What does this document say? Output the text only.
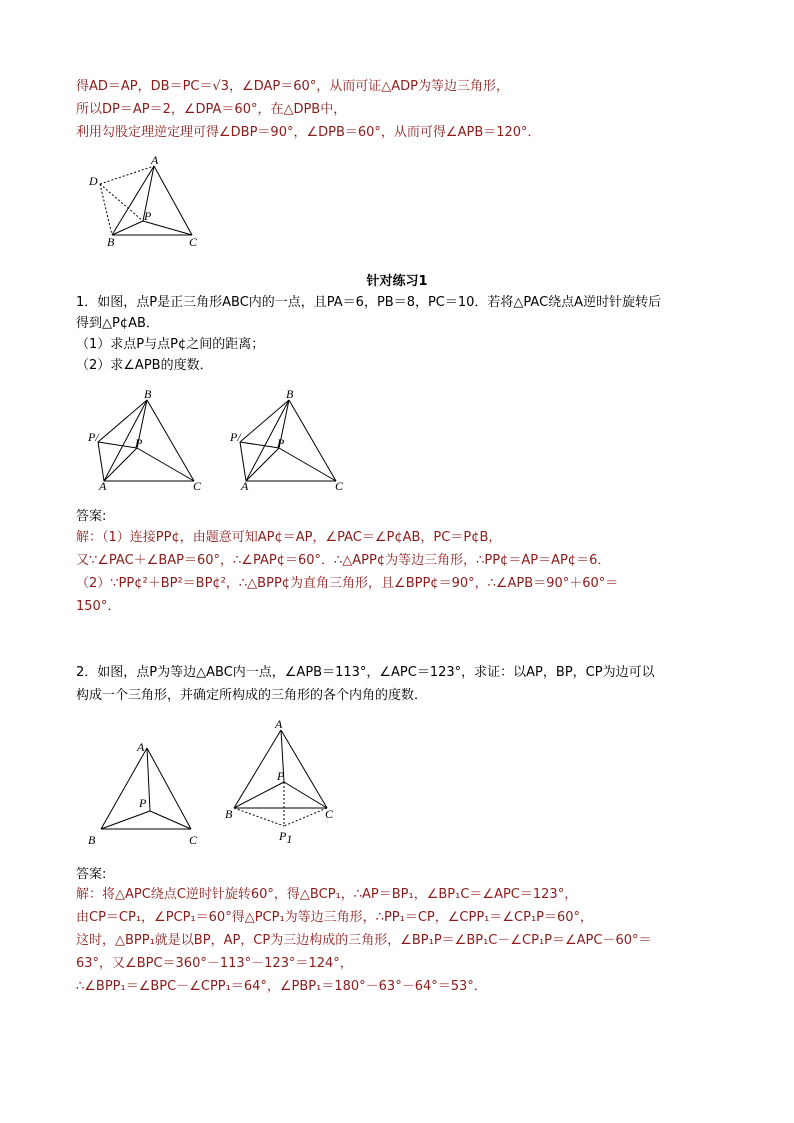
得AD＝AP，DB＝PC＝√3，∠DAP＝60°，从而可证△ADP为等边三角形，
所以DP＝AP＝2，∠DPA＝60°，在△DPB中，
利用勾股定理逆定理可得∠DBP＝90°，∠DPB＝60°，从而可得∠APB＝120°．
A
D
P
B	C
针对练习1
1．如图，点P是正三角形ABC内的一点，且PA＝6，PB＝8，PC＝10．若将△PAC绕点A逆时针旋转后
得到△P¢AB．
（1）求点P与点P¢之间的距离；
（2）求∠APB的度数．
B
P/	P
A	C
B
P/	P
A	C
答案:
解：（1）连接PP¢，由题意可知AP¢＝AP，∠PAC＝∠P¢AB，PC＝P¢B，
又∵∠PAC＋∠BAP＝60°，∴∠PAP¢＝60°．∴△APP¢为等边三角形，∴PP¢＝AP＝AP¢＝6．
（2）∵PP¢²＋BP²＝BP¢²，∴△BPP¢为直角三角形，且∠BPP¢＝90°，∴∠APB＝90°＋60°＝
150°．
2．如图，点P为等边△ABC内一点，∠APB＝113°，∠APC＝123°，求证：以AP，BP，CP为边可以
构成一个三角形，并确定所构成的三角形的各个内角的度数．
A
P
B	C
A
P
B	C
P1
答案:
解：将△APC绕点C逆时针旋转60°，得△BCP₁，∴AP＝BP₁，∠BP₁C＝∠APC＝123°，
由CP＝CP₁，∠PCP₁＝60°得△PCP₁为等边三角形，∴PP₁＝CP，∠CPP₁＝∠CP₁P＝60°，
这时，△BPP₁就是以BP，AP，CP为三边构成的三角形，∠BP₁P＝∠BP₁C－∠CP₁P＝∠APC－60°＝
63°，又∠BPC＝360°－113°－123°＝124°，
∴∠BPP₁＝∠BPC－∠CPP₁＝64°，∠PBP₁＝180°－63°－64°＝53°．
